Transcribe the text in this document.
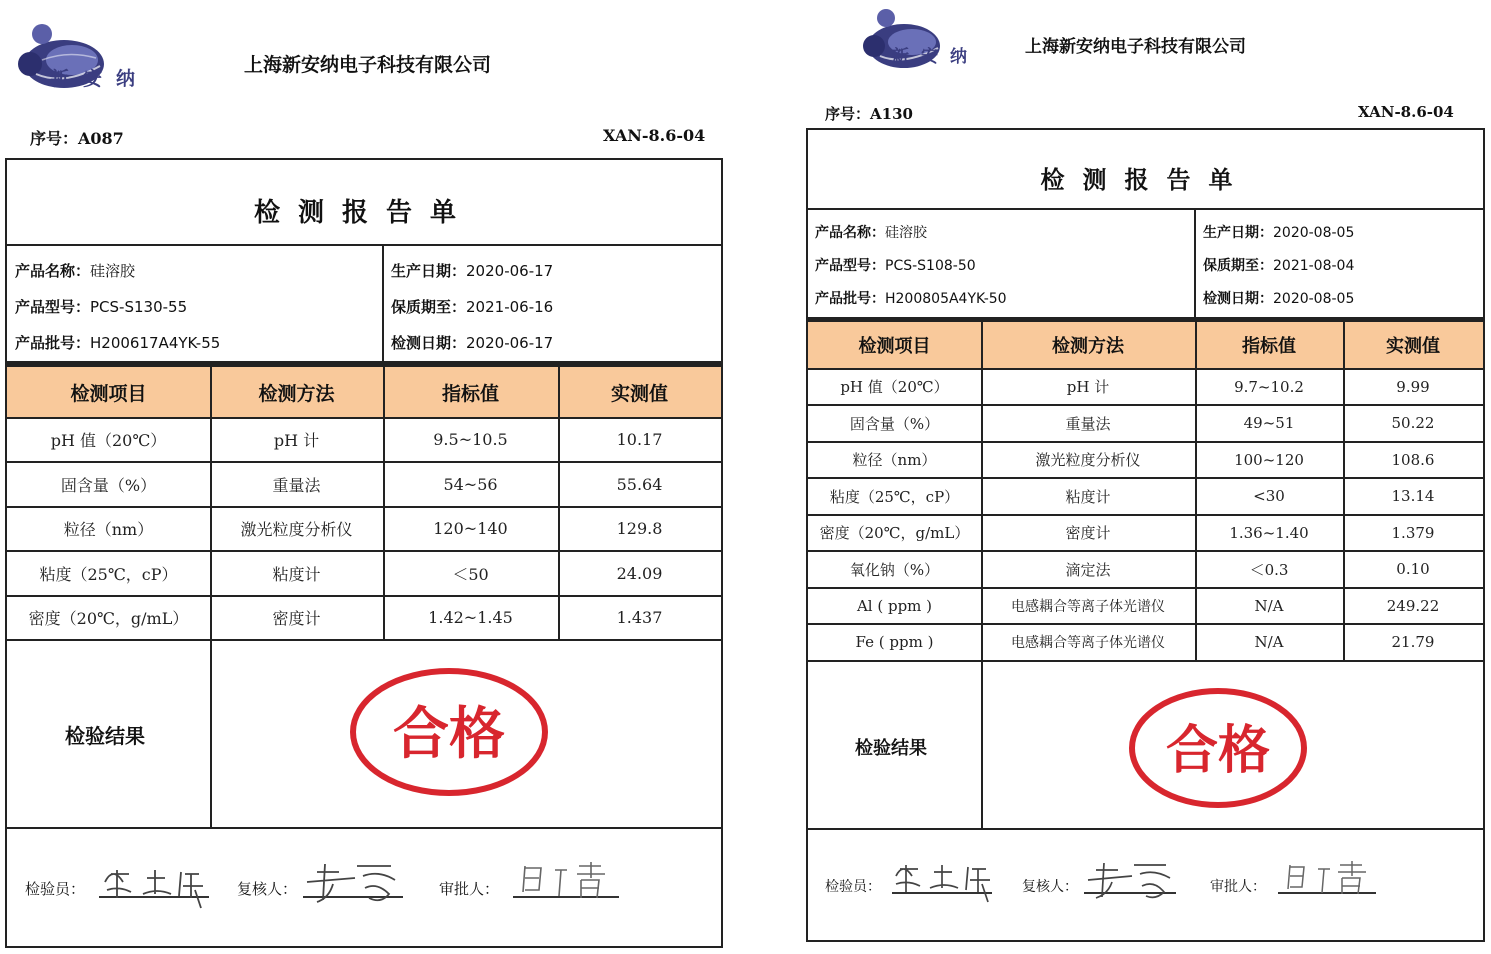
新安纳
上海新安纳电子科技有限公司
序号：A087	XAN-8.6-04
检测报告单
产品名称：硅溶胶
产品型号：PCS-S130-55
产品批号：H200617A4YK-55
生产日期：2020-06-17
保质期至：2021-06-16
检测日期：2020-06-17
检测项目	检测方法	指标值	实测值
pH 值（20℃）	pH 计	9.5~10.5	10.17
固含量（%）	重量法	54~56	55.64
粒径（nm）	激光粒度分析仪	120~140	129.8
粘度（25℃，cP）	粘度计	＜50	24.09
密度（20℃，g/mL）	密度计	1.42~1.45	1.437
检验结果	合格
检验员：	复核人：	审批人：
新安纳	上海新安纳电子科技有限公司
序号：A130	XAN-8.6-04
检测报告单
产品名称：硅溶胶
产品型号：PCS-S108-50
产品批号：H200805A4YK-50
生产日期：2020-08-05
保质期至：2021-08-04
检测日期：2020-08-05
检测项目	检测方法	指标值	实测值
pH 值（20℃）	pH 计	9.7~10.2	9.99
固含量（%）	重量法	49~51	50.22
粒径（nm）	激光粒度分析仪	100~120	108.6
粘度（25℃，cP）	粘度计	<30	13.14
密度（20℃，g/mL）	密度计	1.36~1.40	1.379
氧化钠（%）	滴定法	＜0.3	0.10
Al ( ppm )	电感耦合等离子体光谱仪	N/A	249.22
Fe ( ppm )	电感耦合等离子体光谱仪	N/A	21.79
检验结果	合格
检验员：	复核人：	审批人：
